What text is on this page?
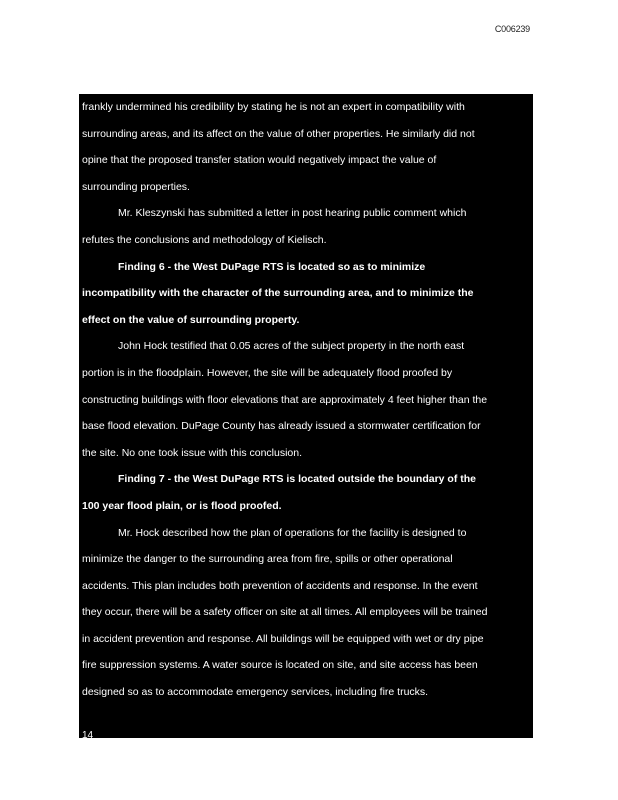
C006239

frankly undermined his credibility by stating he is not an expert in compatibility with
surrounding areas, and its affect on the value of other properties. He similarly did not
opine that the proposed transfer station would negatively impact the value of
surrounding properties.

Mr. Kleszynski has submitted a letter in post hearing public comment which
refutes the conclusions and methodology of Kielisch.

Finding 6 - the West DuPage RTS is located so as to minimize
incompatibility with the character of the surrounding area, and to minimize the
effect on the value of surrounding property.

John Hock testified that 0.05 acres of the subject property in the north east
portion is in the floodplain. However, the site will be adequately flood proofed by
constructing buildings with floor elevations that are approximately 4 feet higher than the
base flood elevation. DuPage County has already issued a stormwater certification for
the site. No one took issue with this conclusion.

Finding 7 - the West DuPage RTS is located outside the boundary of the
100 year flood plain, or is flood proofed.

Mr. Hock described how the plan of operations for the facility is designed to
minimize the danger to the surrounding area from fire, spills or other operational
accidents. This plan includes both prevention of accidents and response. In the event
they occur, there will be a safety officer on site at all times. All employees will be trained
in accident prevention and response. All buildings will be equipped with wet or dry pipe
fire suppression systems. A water source is located on site, and site access has been
designed so as to accommodate emergency services, including fire trucks.

14
